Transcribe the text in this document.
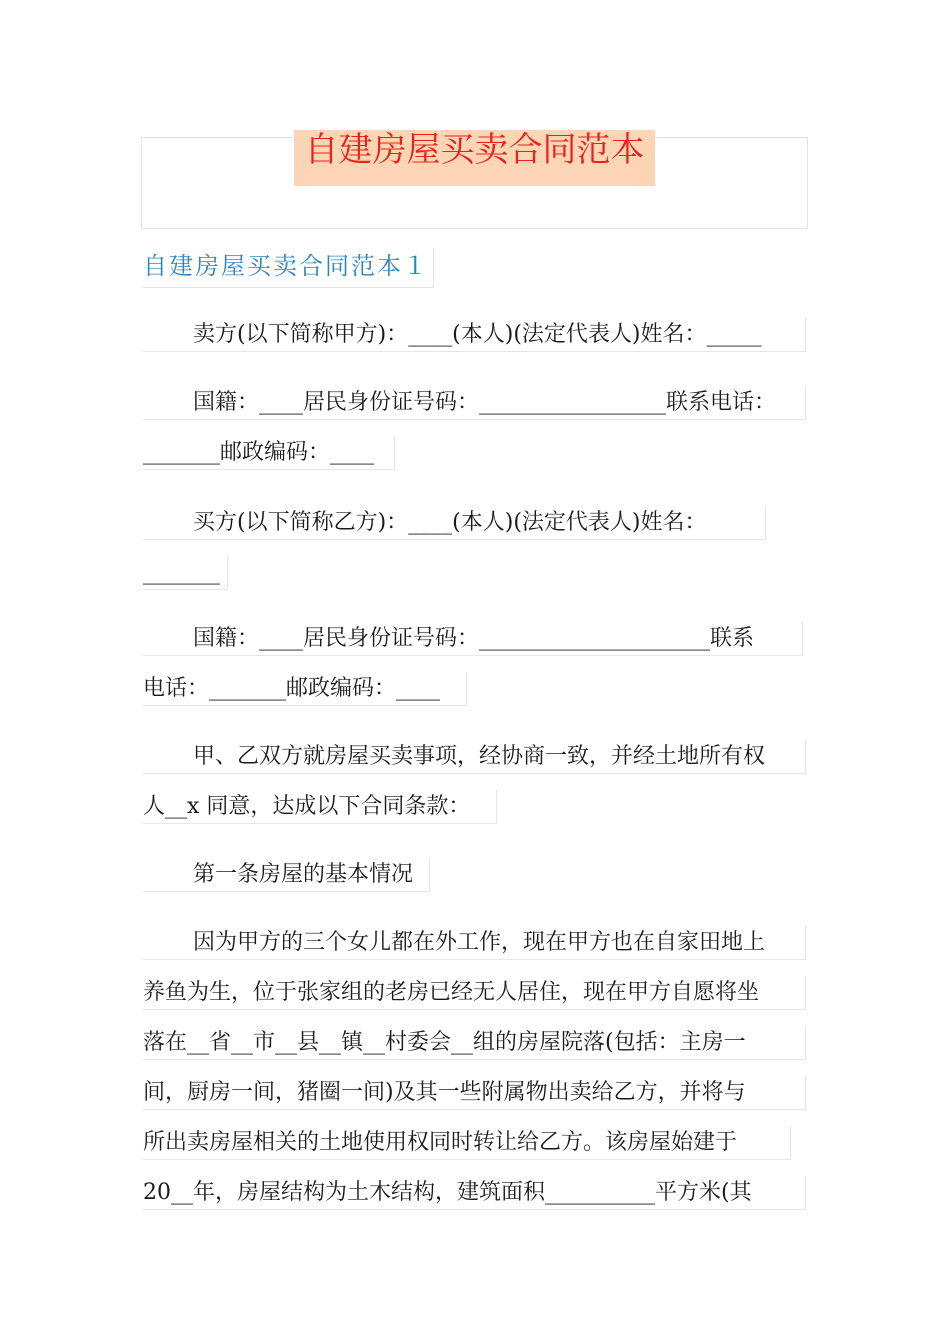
自建房屋买卖合同范本
自建房屋买卖合同范本１
卖方(以下简称甲方)：____(本人)(法定代表人)姓名：_____
国籍：____居民身份证号码：_________________联系电话：
_______邮政编码：____
买方(以下简称乙方)：____(本人)(法定代表人)姓名：
_______
国籍：____居民身份证号码：_____________________联系
电话：_______邮政编码：____
甲、乙双方就房屋买卖事项，经协商一致，并经土地所有权
人__x 同意，达成以下合同条款：
第一条房屋的基本情况
因为甲方的三个女儿都在外工作，现在甲方也在自家田地上
养鱼为生，位于张家组的老房已经无人居住，现在甲方自愿将坐
落在__省__市__县__镇__村委会__组的房屋院落(包括：主房一
间，厨房一间，猪圈一间)及其一些附属物出卖给乙方，并将与
所出卖房屋相关的土地使用权同时转让给乙方。该房屋始建于
20__年，房屋结构为土木结构，建筑面积__________平方米(其
